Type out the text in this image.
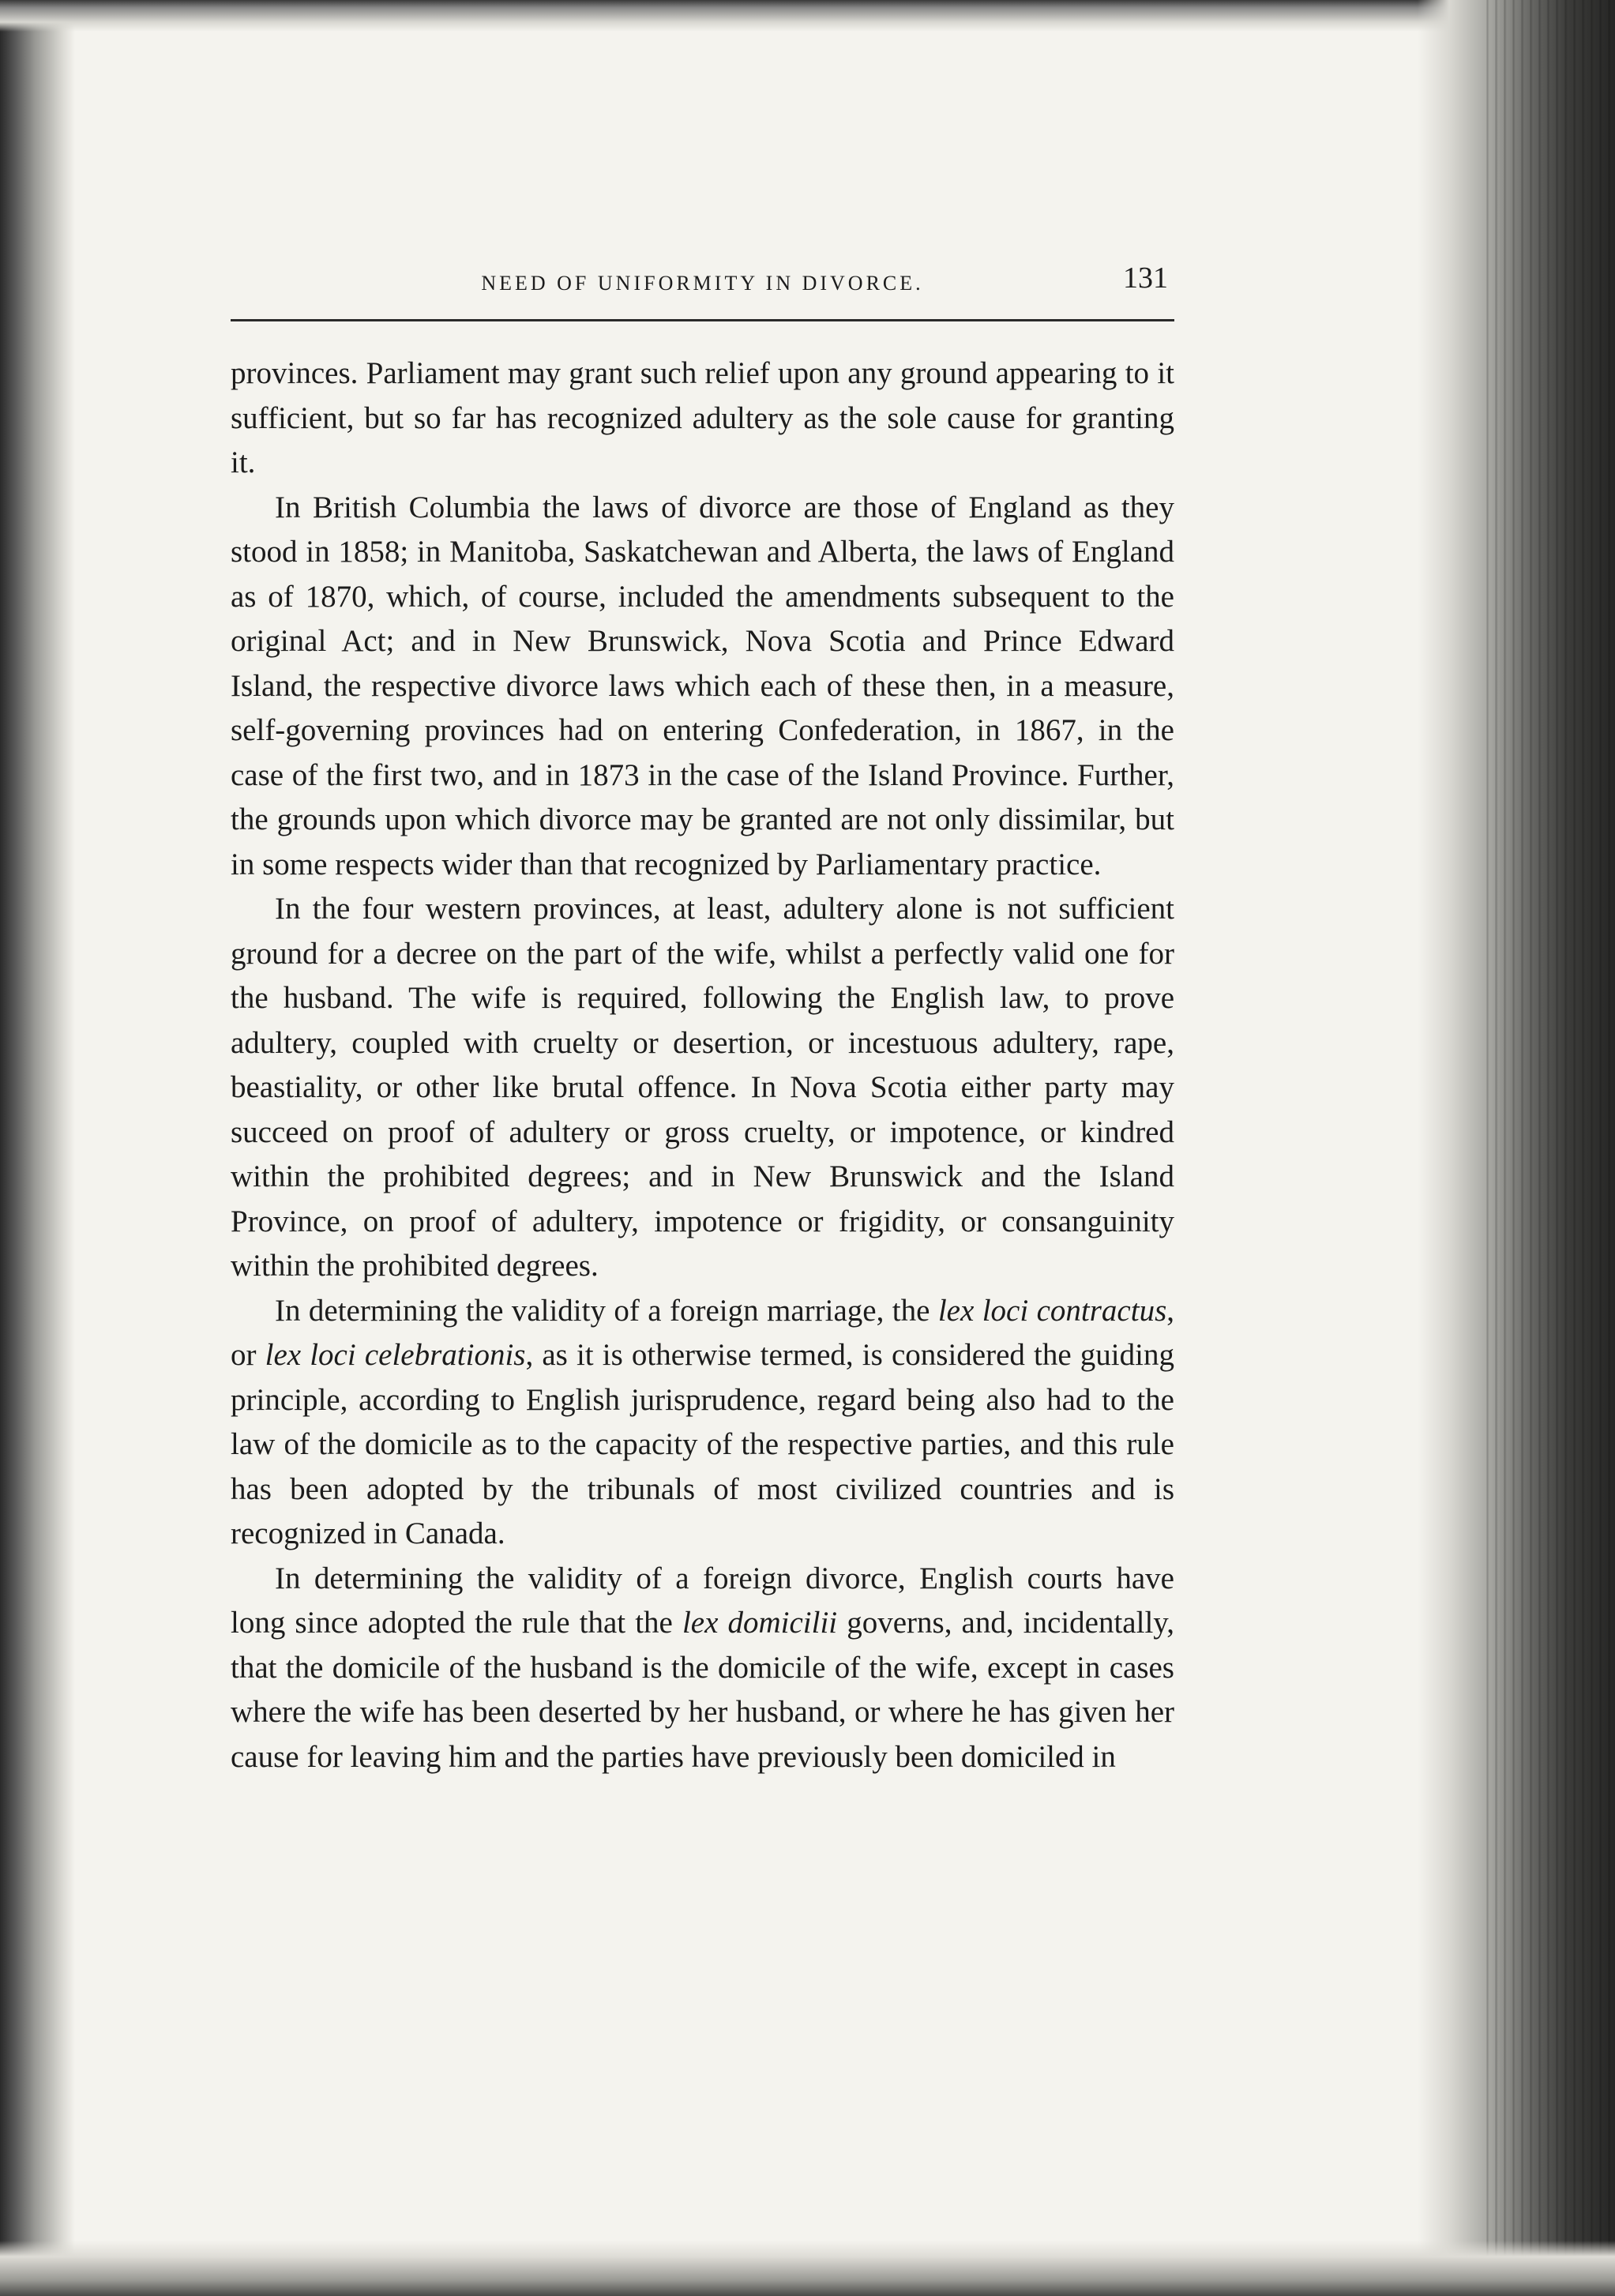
NEED OF UNIFORMITY IN DIVORCE.	131

provinces. Parliament may grant such relief upon any ground appearing to it sufficient, but so far has recognized adultery as the sole cause for granting it.

In British Columbia the laws of divorce are those of England as they stood in 1858; in Manitoba, Saskatchewan and Alberta, the laws of England as of 1870, which, of course, included the amendments subsequent to the original Act; and in New Brunswick, Nova Scotia and Prince Edward Island, the respective divorce laws which each of these then, in a measure, self-governing provinces had on entering Confederation, in 1867, in the case of the first two, and in 1873 in the case of the Island Province. Further, the grounds upon which divorce may be granted are not only dissimilar, but in some respects wider than that recognized by Parliamentary practice.

In the four western provinces, at least, adultery alone is not sufficient ground for a decree on the part of the wife, whilst a perfectly valid one for the husband. The wife is required, following the English law, to prove adultery, coupled with cruelty or desertion, or incestuous adultery, rape, beastiality, or other like brutal offence. In Nova Scotia either party may succeed on proof of adultery or gross cruelty, or impotence, or kindred within the prohibited degrees; and in New Brunswick and the Island Province, on proof of adultery, impotence or frigidity, or consanguinity within the prohibited degrees.

In determining the validity of a foreign marriage, the lex loci contractus, or lex loci celebrationis, as it is otherwise termed, is considered the guiding principle, according to English jurisprudence, regard being also had to the law of the domicile as to the capacity of the respective parties, and this rule has been adopted by the tribunals of most civilized countries and is recognized in Canada.

In determining the validity of a foreign divorce, English courts have long since adopted the rule that the lex domicilii governs, and, incidentally, that the domicile of the husband is the domicile of the wife, except in cases where the wife has been deserted by her husband, or where he has given her cause for leaving him and the parties have previously been domiciled in
